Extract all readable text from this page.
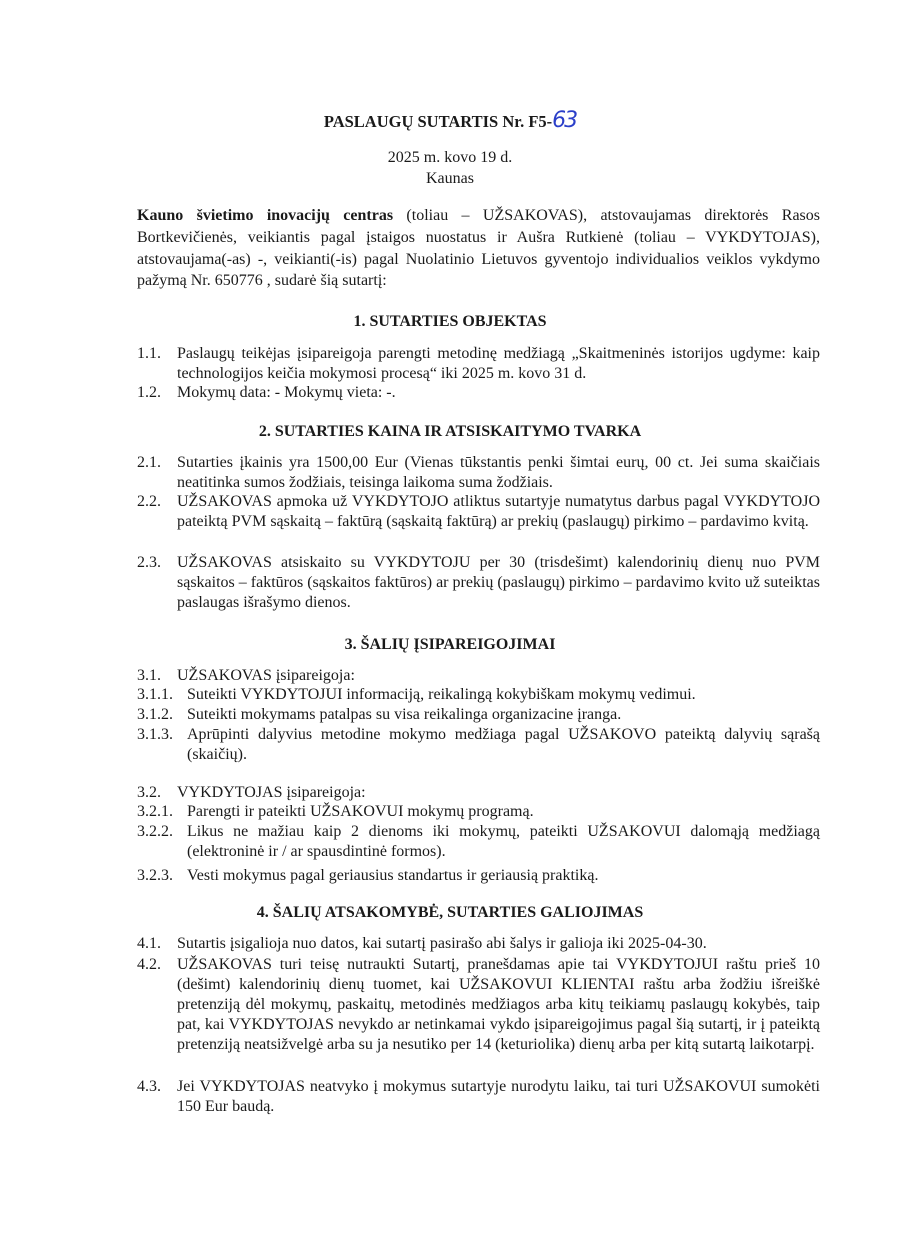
PASLAUGŲ SUTARTIS Nr. F5-63
2025 m. kovo 19 d.
Kaunas
Kauno švietimo inovacijų centras (toliau – UŽSAKOVAS), atstovaujamas direktorės Rasos Bortkevičienės, veikiantis pagal įstaigos nuostatus ir Aušra Rutkienė (toliau – VYKDYTOJAS), atstovaujama(-as) -, veikianti(-is) pagal Nuolatinio Lietuvos gyventojo individualios veiklos vykdymo pažymą Nr. 650776 , sudarė šią sutartį:
1. SUTARTIES OBJEKTAS
1.1.	Paslaugų teikėjas įsipareigoja parengti metodinę medžiagą „Skaitmeninės istorijos ugdyme: kaip technologijos keičia mokymosi procesą“ iki 2025 m. kovo 31 d.
1.2.	Mokymų data: - Mokymų vieta: -.
2. SUTARTIES KAINA IR ATSISKAITYMO TVARKA
2.1.	Sutarties įkainis yra 1500,00 Eur (Vienas tūkstantis penki šimtai eurų, 00 ct. Jei suma skaičiais neatitinka sumos žodžiais, teisinga laikoma suma žodžiais.
2.2.	UŽSAKOVAS apmoka už VYKDYTOJO atliktus sutartyje numatytus darbus pagal VYKDYTOJO pateiktą PVM sąskaitą – faktūrą (sąskaitą faktūrą) ar prekių (paslaugų) pirkimo – pardavimo kvitą.
2.3.	UŽSAKOVAS atsiskaito su VYKDYTOJU per 30 (trisdešimt) kalendorinių dienų nuo PVM sąskaitos – faktūros (sąskaitos faktūros) ar prekių (paslaugų) pirkimo – pardavimo kvito už suteiktas paslaugas išrašymo dienos.
3. ŠALIŲ ĮSIPAREIGOJIMAI
3.1.	UŽSAKOVAS įsipareigoja:
3.1.1. Suteikti VYKDYTOJUI informaciją, reikalingą kokybiškam mokymų vedimui.
3.1.2. Suteikti mokymams patalpas su visa reikalinga organizacine įranga.
3.1.3. Aprūpinti dalyvius metodine mokymo medžiaga pagal UŽSAKOVO pateiktą dalyvių sąrašą (skaičių).
3.2.	VYKDYTOJAS įsipareigoja:
3.2.1. Parengti ir pateikti UŽSAKOVUI mokymų programą.
3.2.2. Likus ne mažiau kaip 2 dienoms iki mokymų, pateikti UŽSAKOVUI dalomąją medžiagą (elektroninė ir / ar spausdintinė formos).
3.2.3. Vesti mokymus pagal geriausius standartus ir geriausią praktiką.
4. ŠALIŲ ATSAKOMYBĖ, SUTARTIES GALIOJIMAS
4.1.	Sutartis įsigalioja nuo datos, kai sutartį pasirašo abi šalys ir galioja iki 2025-04-30.
4.2.	UŽSAKOVAS turi teisę nutraukti Sutartį, pranešdamas apie tai VYKDYTOJUI raštu prieš 10 (dešimt) kalendorinių dienų tuomet, kai UŽSAKOVUI KLIENTAI raštu arba žodžiu išreiškė pretenziją dėl mokymų, paskaitų, metodinės medžiagos arba kitų teikiamų paslaugų kokybės, taip pat, kai VYKDYTOJAS nevykdo ar netinkamai vykdo įsipareigojimus pagal šią sutartį, ir į pateiktą pretenziją neatsižvelgė arba su ja nesutiko per 14 (keturiolika) dienų arba per kitą sutartą laikotarpį.
4.3.	Jei VYKDYTOJAS neatvyko į mokymus sutartyje nurodytu laiku, tai turi UŽSAKOVUI sumokėti 150 Eur baudą.
